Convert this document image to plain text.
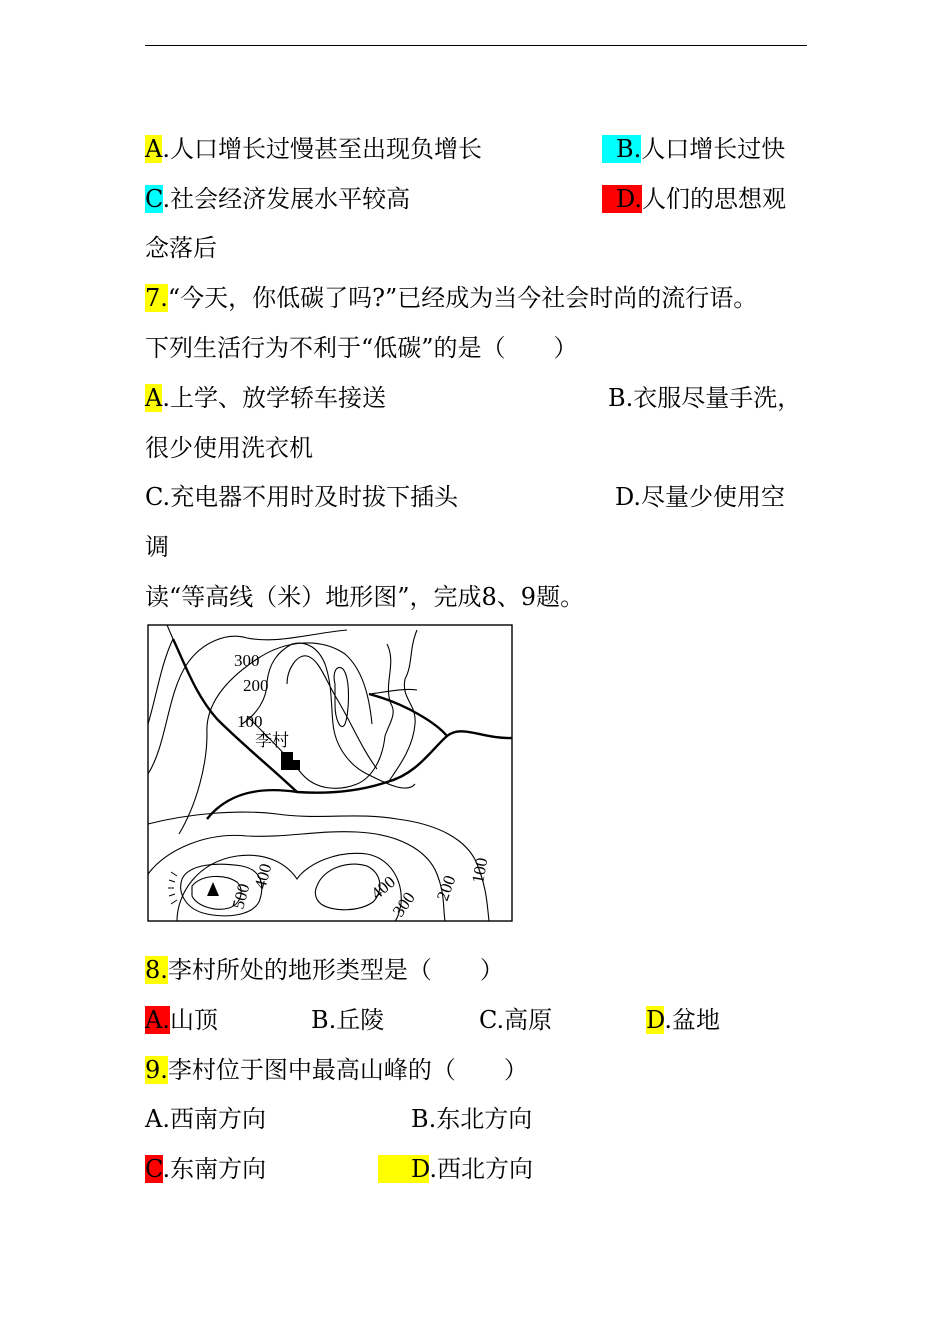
A.人口增长过慢甚至出现负增长	B.人口增长过快
C.社会经济发展水平较高	D.人们的思想观
念落后
7.“今天，你低碳了吗?”已经成为当今社会时尚的流行语。
下列生活行为不利于“低碳”的是（　　）
A.上学、放学轿车接送	B.衣服尽量手洗，
很少使用洗衣机
C.充电器不用时及时拔下插头	D.尽量少使用空
调
读“等高线（米）地形图”，完成8、9题。
300
200
100
李村
500
400	400
300
200
100
8.李村所处的地形类型是（　　）
A.山顶	B.丘陵	C.高原	D.盆地
9.李村位于图中最高山峰的（　　）
A.西南方向	B.东北方向
C.东南方向	D.西北方向
